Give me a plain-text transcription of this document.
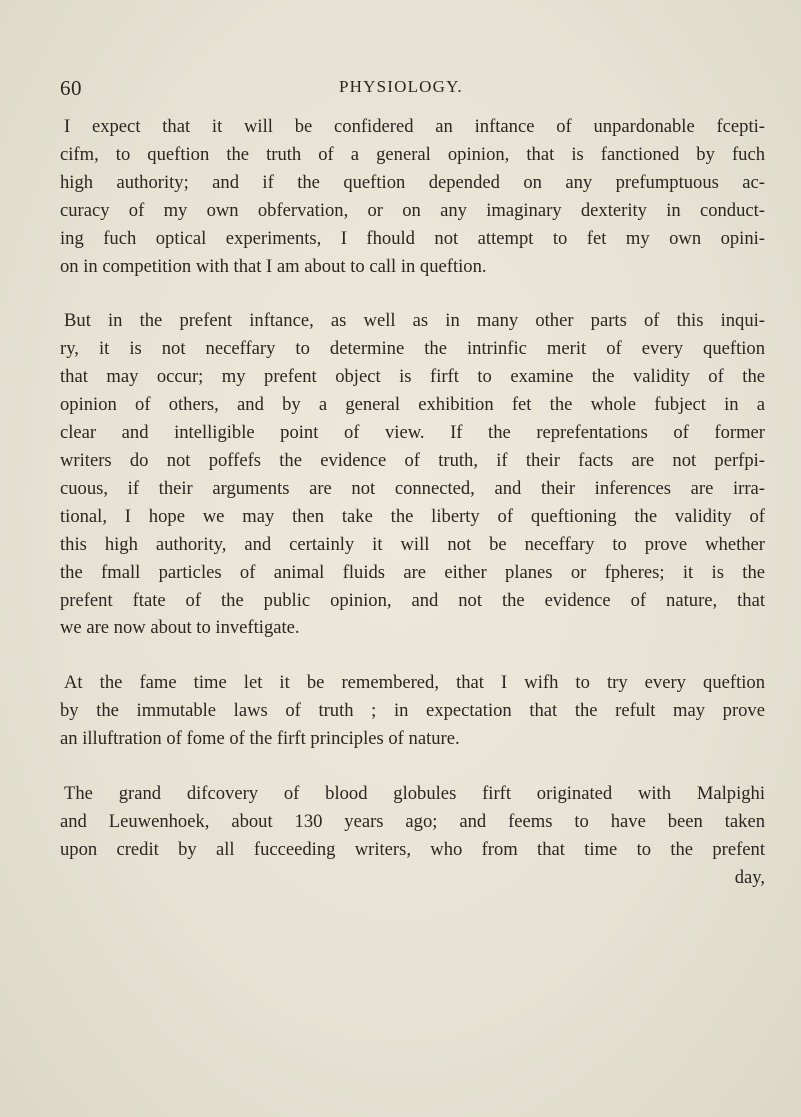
60	PHYSIOLOGY.

I expect that it will be confidered an inftance of unpardonable fcepti-
cifm, to queftion the truth of a general opinion, that is fanctioned by fuch
high authority; and if the queftion depended on any prefumptuous ac-
curacy of my own obfervation, or on any imaginary dexterity in conduct-
ing fuch optical experiments, I fhould not attempt to fet my own opini-
on in competition with that I am about to call in queftion.

But in the prefent inftance, as well as in many other parts of this inqui-
ry, it is not neceffary to determine the intrinfic merit of every queftion
that may occur; my prefent object is firft to examine the validity of the
opinion of others, and by a general exhibition fet the whole fubject in a
clear and intelligible point of view. If the reprefentations of former
writers do not poffefs the evidence of truth, if their facts are not perfpi-
cuous, if their arguments are not connected, and their inferences are irra-
tional, I hope we may then take the liberty of queftioning the validity of
this high authority, and certainly it will not be neceffary to prove whether
the fmall particles of animal fluids are either planes or fpheres; it is the
prefent ftate of the public opinion, and not the evidence of nature, that
we are now about to inveftigate.

At the fame time let it be remembered, that I wifh to try every queftion
by the immutable laws of truth ; in expectation that the refult may prove
an illuftration of fome of the firft principles of nature.

The grand difcovery of blood globules firft originated with Malpighi
and Leuwenhoek, about 130 years ago; and feems to have been taken
upon credit by all fucceeding writers, who from that time to the prefent
day,
